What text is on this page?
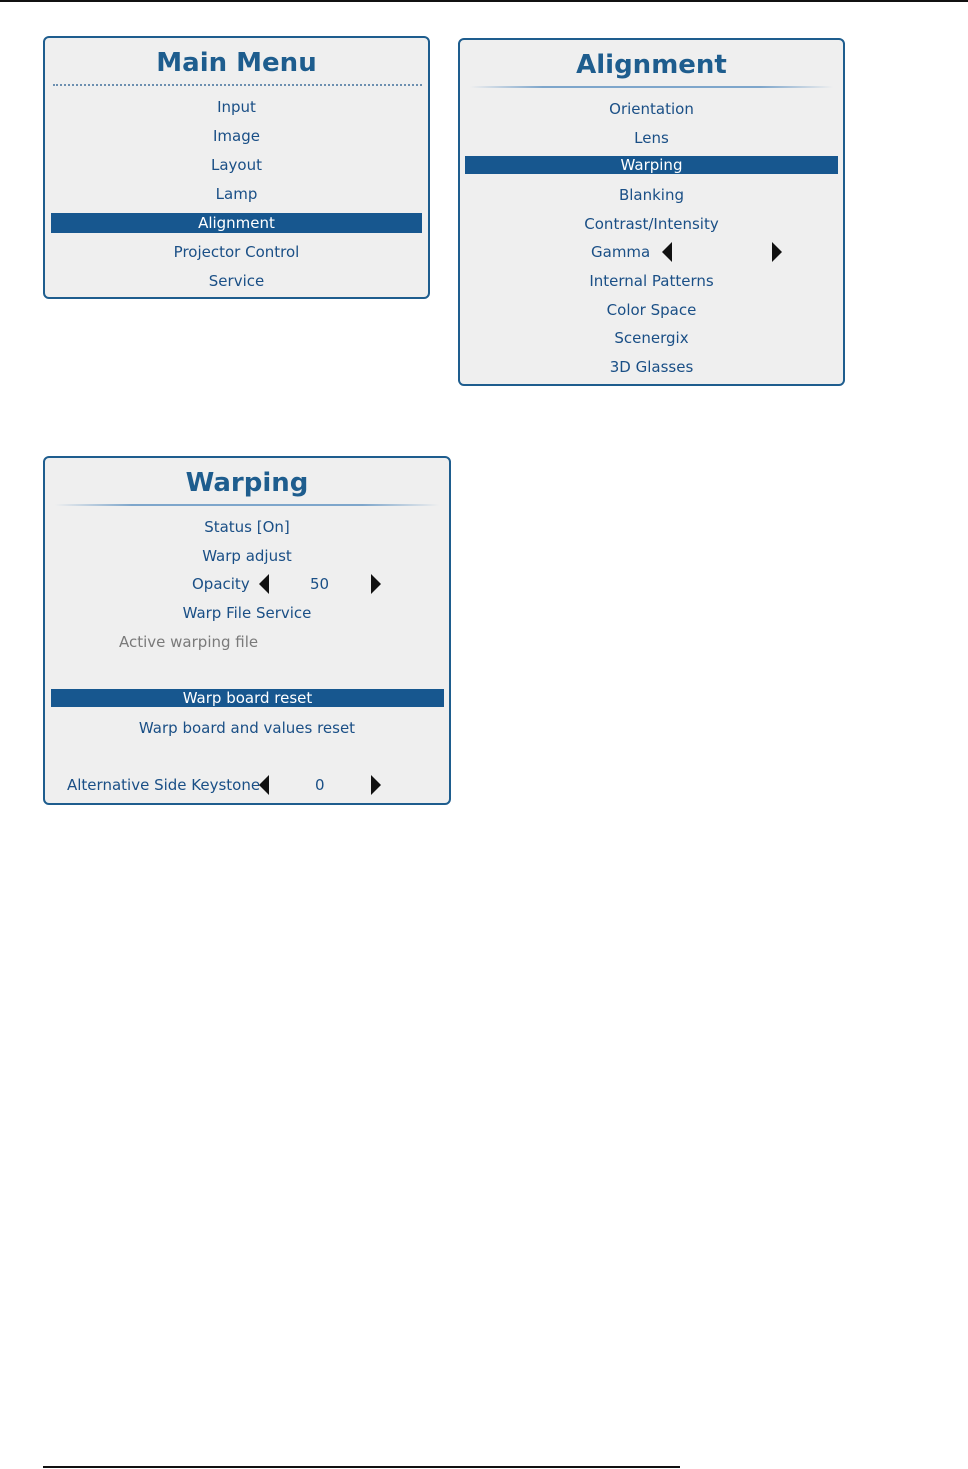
Main Menu
Input
Image
Layout
Lamp
Alignment
Projector Control
Service
Alignment
Orientation
Lens
Warping
Blanking
Contrast/Intensity
Gamma
Internal Patterns
Color Space
Scenergix
3D Glasses
Warping
Status [On]
Warp adjust
Opacity	50
Warp File Service
Active warping file
Warp board reset
Warp board and values reset
Alternative Side Keystone	0
